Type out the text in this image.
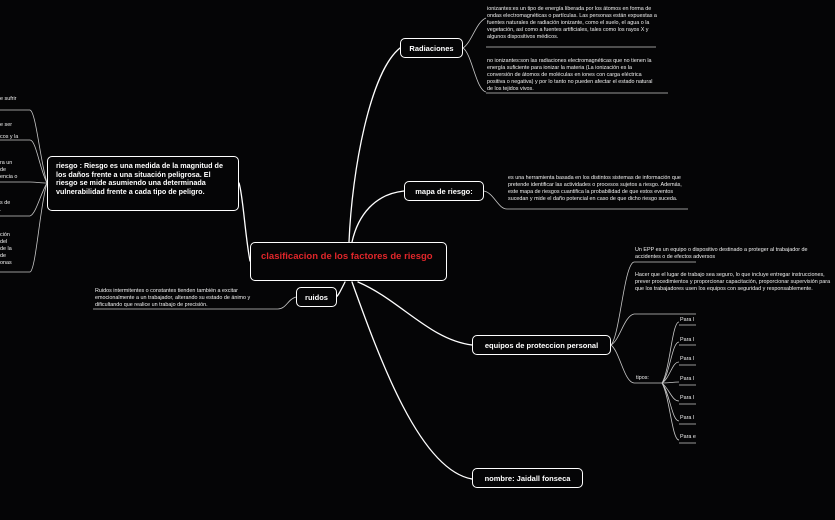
clasificacion de los factores de riesgo
Radiaciones
mapa de riesgo:
equipos de proteccion personal
nombre: Jaidall fonseca
ruidos
riesgo : Riesgo es una medida de la magnitud de los daños frente a una situación peligrosa. El riesgo se mide asumiendo una determinada vulnerabilidad frente a cada tipo de peligro.
ionizantes:es un tipo de energía liberada por los átomos en forma de ondas electromagnéticas o partículas. Las personas están expuestas a fuentes naturales de radiación ionizante, como el suelo, el agua o la vegetación, así como a fuentes artificiales, tales como los rayos X y algunos dispositivos médicos.
no ionizantes:son las radiaciones electromagnéticas que no tienen la energía suficiente para ionizar la materia (La ionización es la conversión de átomos de moléculas en iones con carga eléctrica positiva o negativa) y por lo tanto no pueden afectar el estado natural de los tejidos vivos.
es una herramienta basada en los distintos sistemas de información que pretende identificar las actividades o procesos sujetos a riesgo. Además, este mapa de riesgos cuantifica la probabilidad de que estos eventos sucedan y mide el daño potencial en caso de que dicho riesgo suceda.
Ruidos intermitentes o constantes tienden también a excitar emocionalmente a un trabajador, alterando su estado de ánimo y dificultando que realice un trabajo de precisión.
Un EPP es un equipo o dispositivo destinado a proteger al trabajador de accidentes o de efectos adversos
Hacer que el lugar de trabajo sea seguro, lo que incluye entregar instrucciones, prever procedimientos y proporcionar capacitación, proporcionar supervisión para que los trabajadores usen los equipos con seguridad y responsablemente.
tipos:
Para l
Para l
Para l
Para l
Para l
Para l
Para e
e sufrir
e ser
cos y la
ra un
de
encia o
s de
.
ción
del
de la
de
onas
